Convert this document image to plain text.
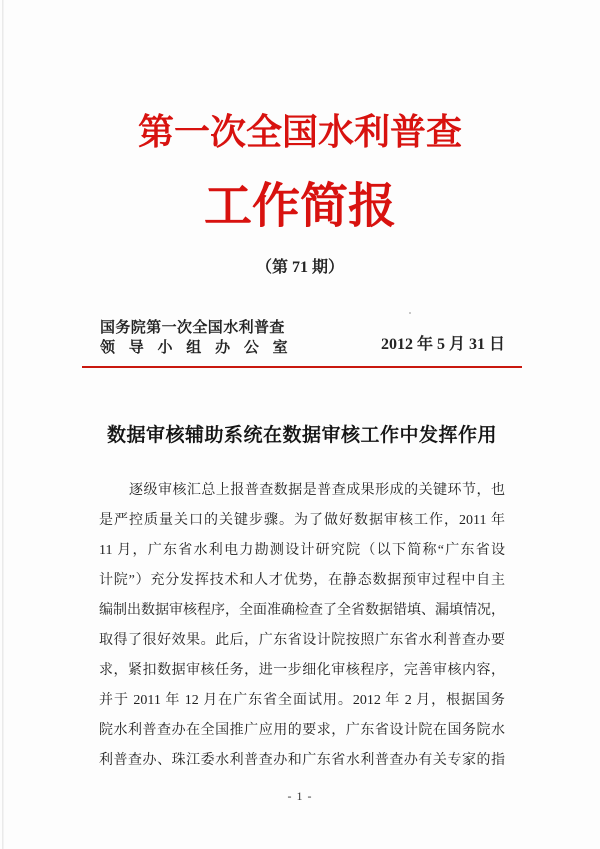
第一次全国水利普查
工作简报
（第 71 期）
国务院第一次全国水利普查
领 导 小 组 办 公 室	2012 年 5 月 31 日
数据审核辅助系统在数据审核工作中发挥作用
逐级审核汇总上报普查数据是普查成果形成的关键环节，也
是严控质量关口的关键步骤。为了做好数据审核工作，2011 年
11 月，广东省水利电力勘测设计研究院（以下简称“广东省设
计院”）充分发挥技术和人才优势，在静态数据预审过程中自主
编制出数据审核程序，全面准确检查了全省数据错填、漏填情况，
取得了很好效果。此后，广东省设计院按照广东省水利普查办要
求，紧扣数据审核任务，进一步细化审核程序，完善审核内容，
并于 2011 年 12 月在广东省全面试用。2012 年 2 月，根据国务
院水利普查办在全国推广应用的要求，广东省设计院在国务院水
利普查办、珠江委水利普查办和广东省水利普查办有关专家的指
- 1 -
